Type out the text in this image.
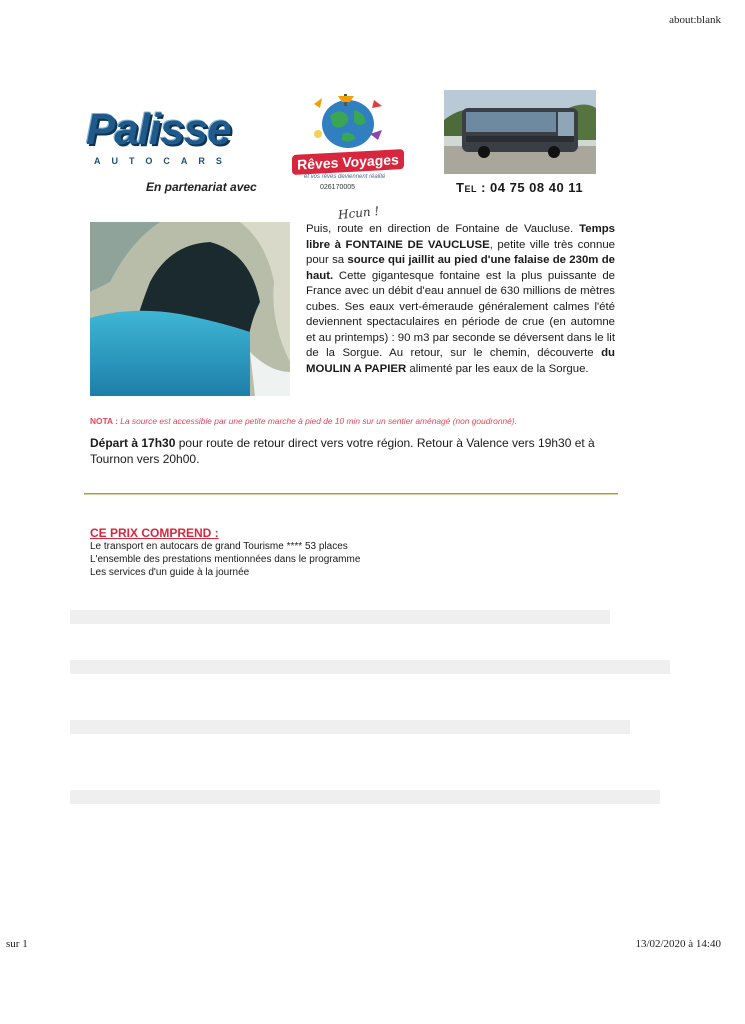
about:blank
Palisse
AUTOCARS
En partenariat avec
Rêves Voyages
et vos rêves deviennent réalité
026170005	Tel : 04 75 08 40 11
Hcun !
Puis, route en direction de Fontaine de Vaucluse. Temps libre à FONTAINE DE VAUCLUSE, petite ville très connue pour sa source qui jaillit au pied d'une falaise de 230m de haut. Cette gigantesque fontaine est la plus puissante de France avec un débit d'eau annuel de 630 millions de mètres cubes. Ses eaux vert-émeraude généralement calmes l'été deviennent spectaculaires en période de crue (en automne et au printemps) : 90 m3 par seconde se déversent dans le lit de la Sorgue. Au retour, sur le chemin, découverte du MOULIN A PAPIER alimenté par les eaux de la Sorgue.
NOTA : La source est accessible par une petite marche à pied de 10 min sur un sentier aménagé (non goudronné).
Départ à 17h30 pour route de retour direct vers votre région. Retour à Valence vers 19h30 et à Tournon vers 20h00.
CE PRIX COMPREND :
Le transport en autocars de grand Tourisme **** 53 places
L'ensemble des prestations mentionnées dans le programme
Les services d'un guide à la journée
sur 1	13/02/2020 à 14:40
